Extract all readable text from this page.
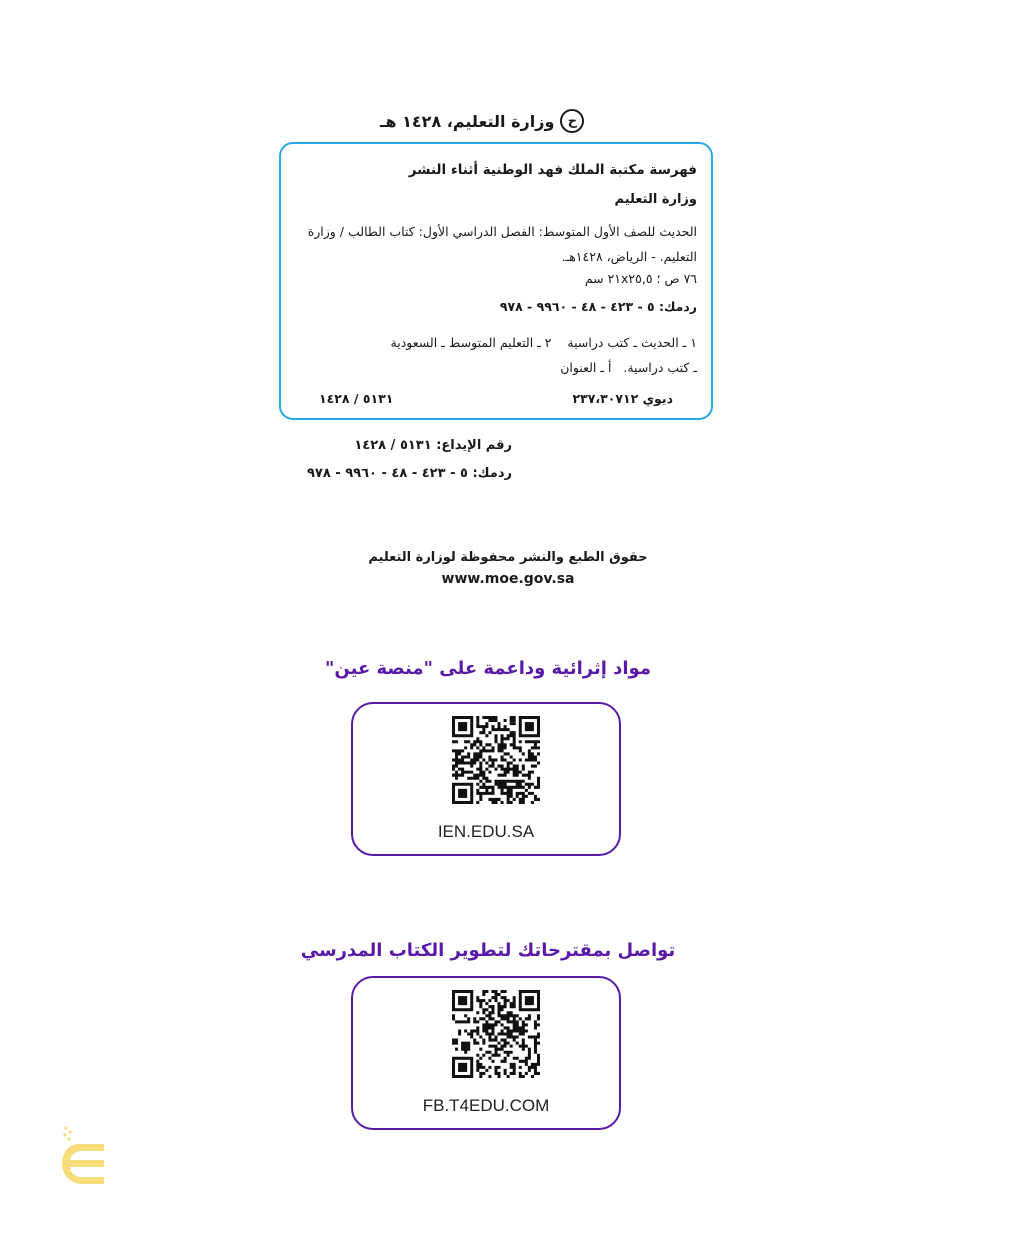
ح
وزارة التعليم، ١٤٢٨ هـ

فهرسة مكتبة الملك فهد الوطنية أثناء النشر

وزارة التعليم

الحديث للصف الأول المتوسط: الفصل الدراسي الأول: كتاب الطالب / وزارة التعليم. - الرياض، ١٤٢٨هـ.

٧٦ ص ؛ ٢١x٢٥,٥ سم

ردمك: ٥ - ٤٢٣ - ٤٨ - ٩٩٦٠ - ٩٧٨

١ ـ الحديث ـ كتب دراسية    ٢ ـ التعليم المتوسط ـ السعودية
ـ كتب دراسية.   أ ـ العنوان

ديوي ٢٣٧،٣٠٧١٢
٥١٣١ / ١٤٢٨
رقم الإيداع: ٥١٣١ / ١٤٢٨
ردمك: ٥ - ٤٢٣ - ٤٨ - ٩٩٦٠ - ٩٧٨
حقوق الطبع والنشر محفوظة لوزارة التعليم
www.moe.gov.sa
مواد إثرائية وداعمة على "منصة عين"
IEN.EDU.SA
تواصل بمقترحاتك لتطوير الكتاب المدرسي
FB.T4EDU.COM
